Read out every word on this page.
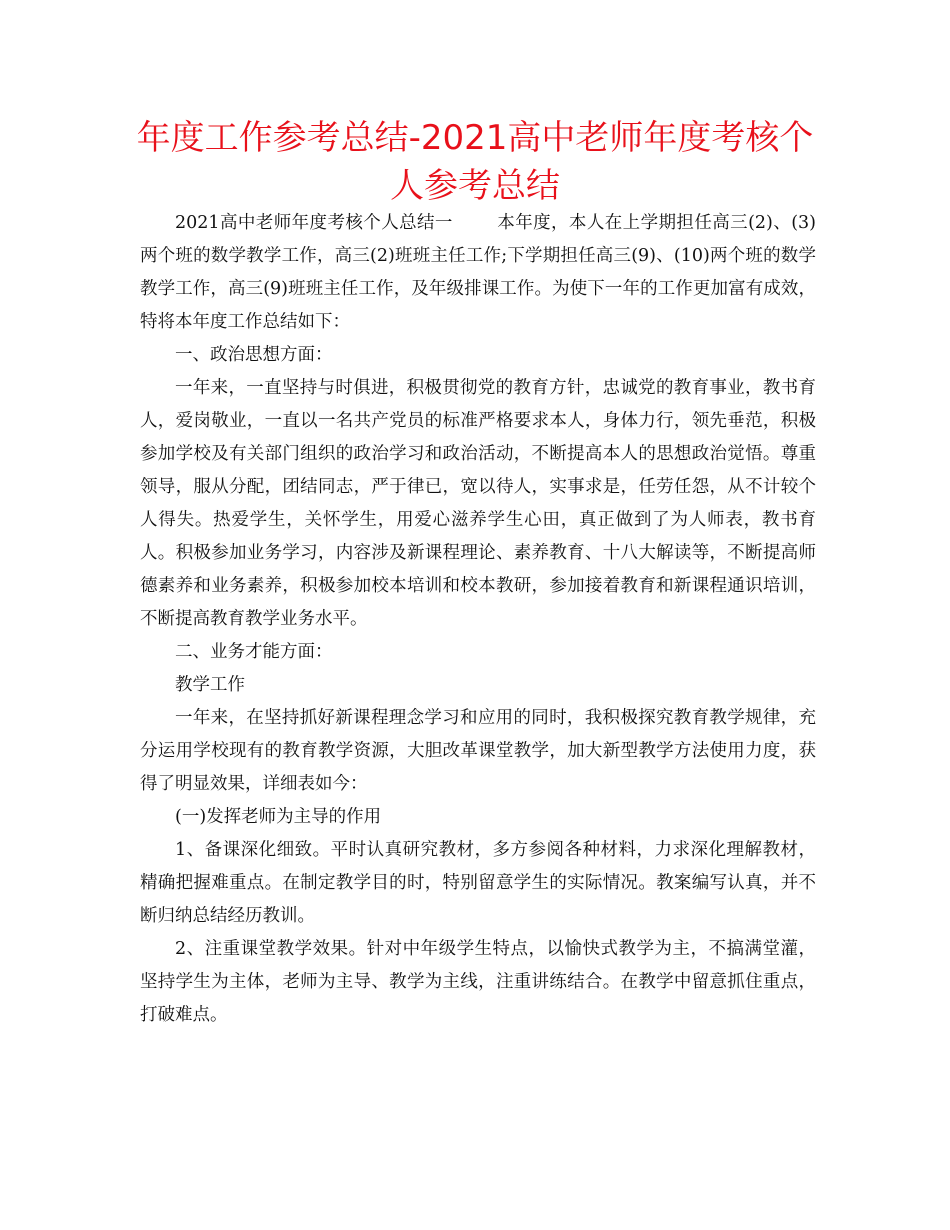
年度工作参考总结-2021高中老师年度考核个人参考总结

2021高中老师年度考核个人总结一	本年度，本人在上学期担任高三(2)、(3)两个班的数学教学工作，高三(2)班班主任工作;下学期担任高三(9)、(10)两个班的数学教学工作，高三(9)班班主任工作，及年级排课工作。为使下一年的工作更加富有成效，特将本年度工作总结如下：

一、政治思想方面：

一年来，一直坚持与时俱进，积极贯彻党的教育方针，忠诚党的教育事业，教书育人，爱岗敬业，一直以一名共产党员的标准严格要求本人，身体力行，领先垂范，积极参加学校及有关部门组织的政治学习和政治活动，不断提高本人的思想政治觉悟。尊重领导，服从分配，团结同志，严于律已，宽以待人，实事求是，任劳任怨，从不计较个人得失。热爱学生，关怀学生，用爱心滋养学生心田，真正做到了为人师表，教书育人。积极参加业务学习，内容涉及新课程理论、素养教育、十八大解读等，不断提高师德素养和业务素养，积极参加校本培训和校本教研，参加接着教育和新课程通识培训，不断提高教育教学业务水平。

二、业务才能方面：

教学工作

一年来，在坚持抓好新课程理念学习和应用的同时，我积极探究教育教学规律，充分运用学校现有的教育教学资源，大胆改革课堂教学，加大新型教学方法使用力度，获得了明显效果，详细表如今：

(一)发挥老师为主导的作用

1、备课深化细致。平时认真研究教材，多方参阅各种材料，力求深化理解教材，精确把握难重点。在制定教学目的时，特别留意学生的实际情况。教案编写认真，并不断归纳总结经历教训。

2、注重课堂教学效果。针对中年级学生特点，以愉快式教学为主，不搞满堂灌，坚持学生为主体，老师为主导、教学为主线，注重讲练结合。在教学中留意抓住重点，打破难点。
